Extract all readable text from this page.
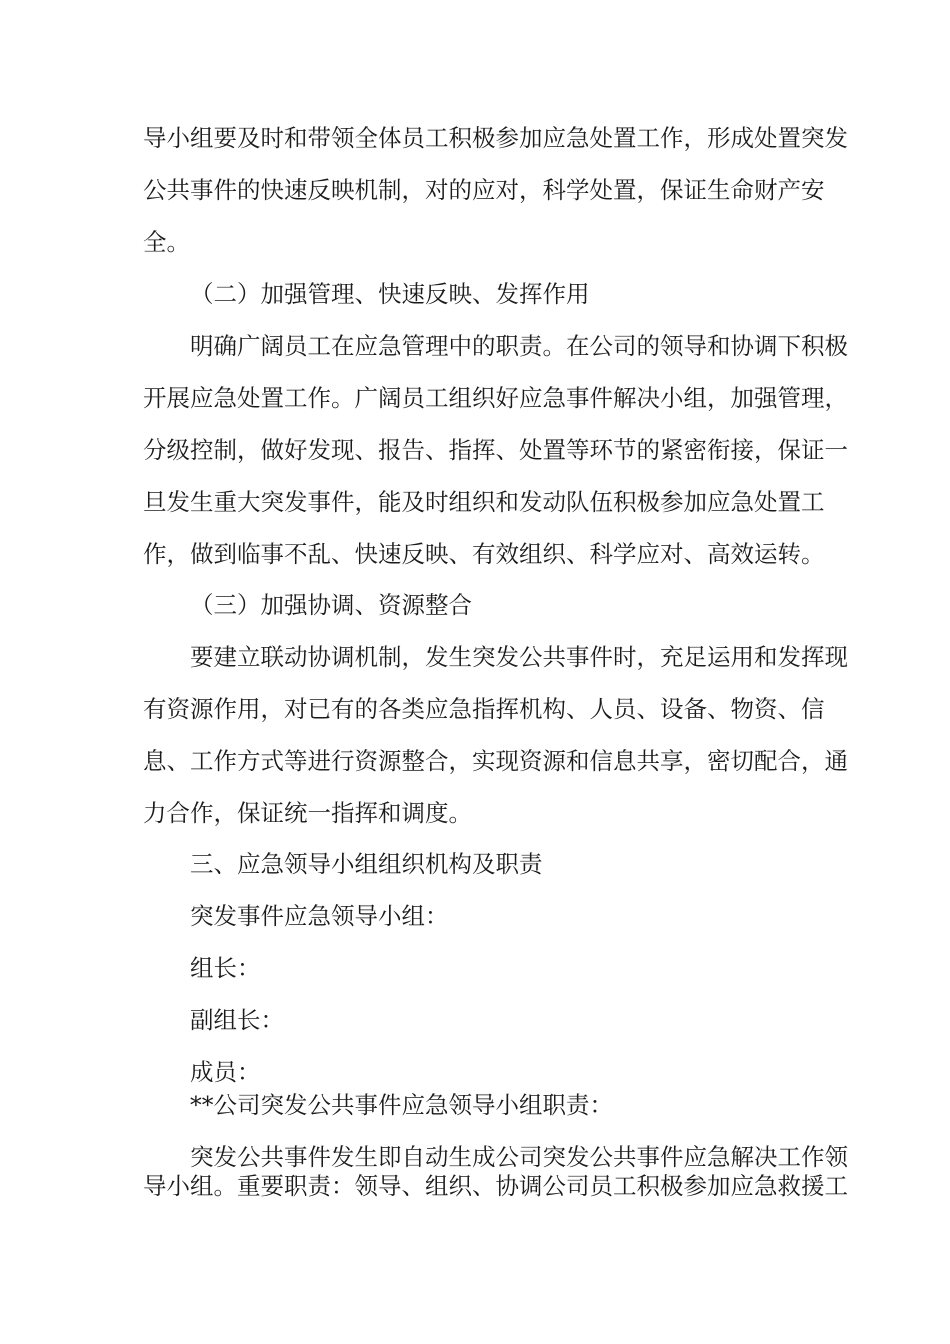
导小组要及时和带领全体员工积极参加应急处置工作，形成处置突发
公共事件的快速反映机制，对的应对，科学处置，保证生命财产安
全。
（二）加强管理、快速反映、发挥作用
明确广阔员工在应急管理中的职责。在公司的领导和协调下积极
开展应急处置工作。广阔员工组织好应急事件解决小组，加强管理，
分级控制，做好发现、报告、指挥、处置等环节的紧密衔接，保证一
旦发生重大突发事件，能及时组织和发动队伍积极参加应急处置工
作，做到临事不乱、快速反映、有效组织、科学应对、高效运转。
（三）加强协调、资源整合
要建立联动协调机制，发生突发公共事件时，充足运用和发挥现
有资源作用，对已有的各类应急指挥机构、人员、设备、物资、信
息、工作方式等进行资源整合，实现资源和信息共享，密切配合，通
力合作，保证统一指挥和调度。
三、应急领导小组组织机构及职责
突发事件应急领导小组：
组长：
副组长：
成员：
**公司突发公共事件应急领导小组职责：
突发公共事件发生即自动生成公司突发公共事件应急解决工作领
导小组。重要职责：领导、组织、协调公司员工积极参加应急救援工
